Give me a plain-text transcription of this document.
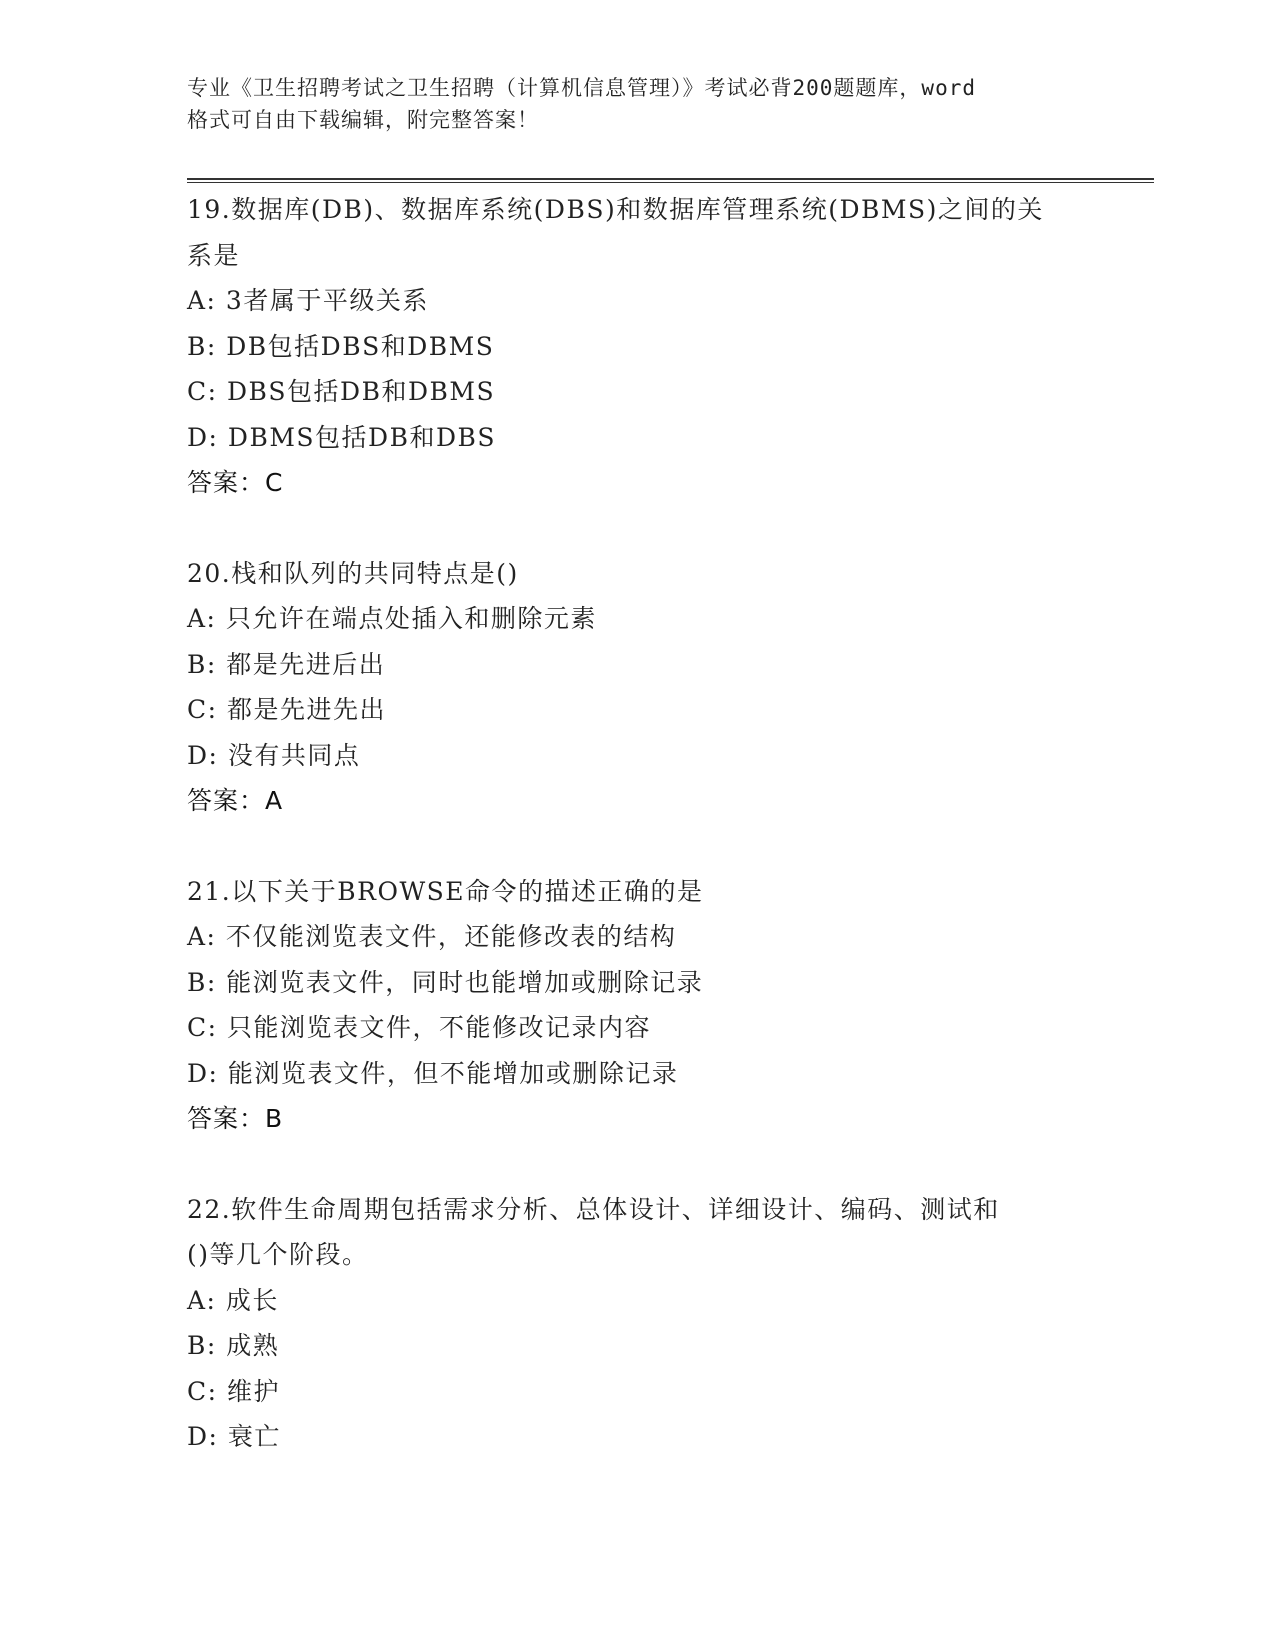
专业《卫生招聘考试之卫生招聘（计算机信息管理）》考试必背200题题库，word
格式可自由下载编辑，附完整答案！
19.数据库(DB)、数据库系统(DBS)和数据库管理系统(DBMS)之间的关
系是
A: 3者属于平级关系
B: DB包括DBS和DBMS
C: DBS包括DB和DBMS
D: DBMS包括DB和DBS
答案：C
20.栈和队列的共同特点是()
A: 只允许在端点处插入和删除元素
B: 都是先进后出
C: 都是先进先出
D: 没有共同点
答案：A
21.以下关于BROWSE命令的描述正确的是
A: 不仅能浏览表文件，还能修改表的结构
B: 能浏览表文件，同时也能增加或删除记录
C: 只能浏览表文件，不能修改记录内容
D: 能浏览表文件，但不能增加或删除记录
答案：B
22.软件生命周期包括需求分析、总体设计、详细设计、编码、测试和
()等几个阶段。
A: 成长
B: 成熟
C: 维护
D: 衰亡
